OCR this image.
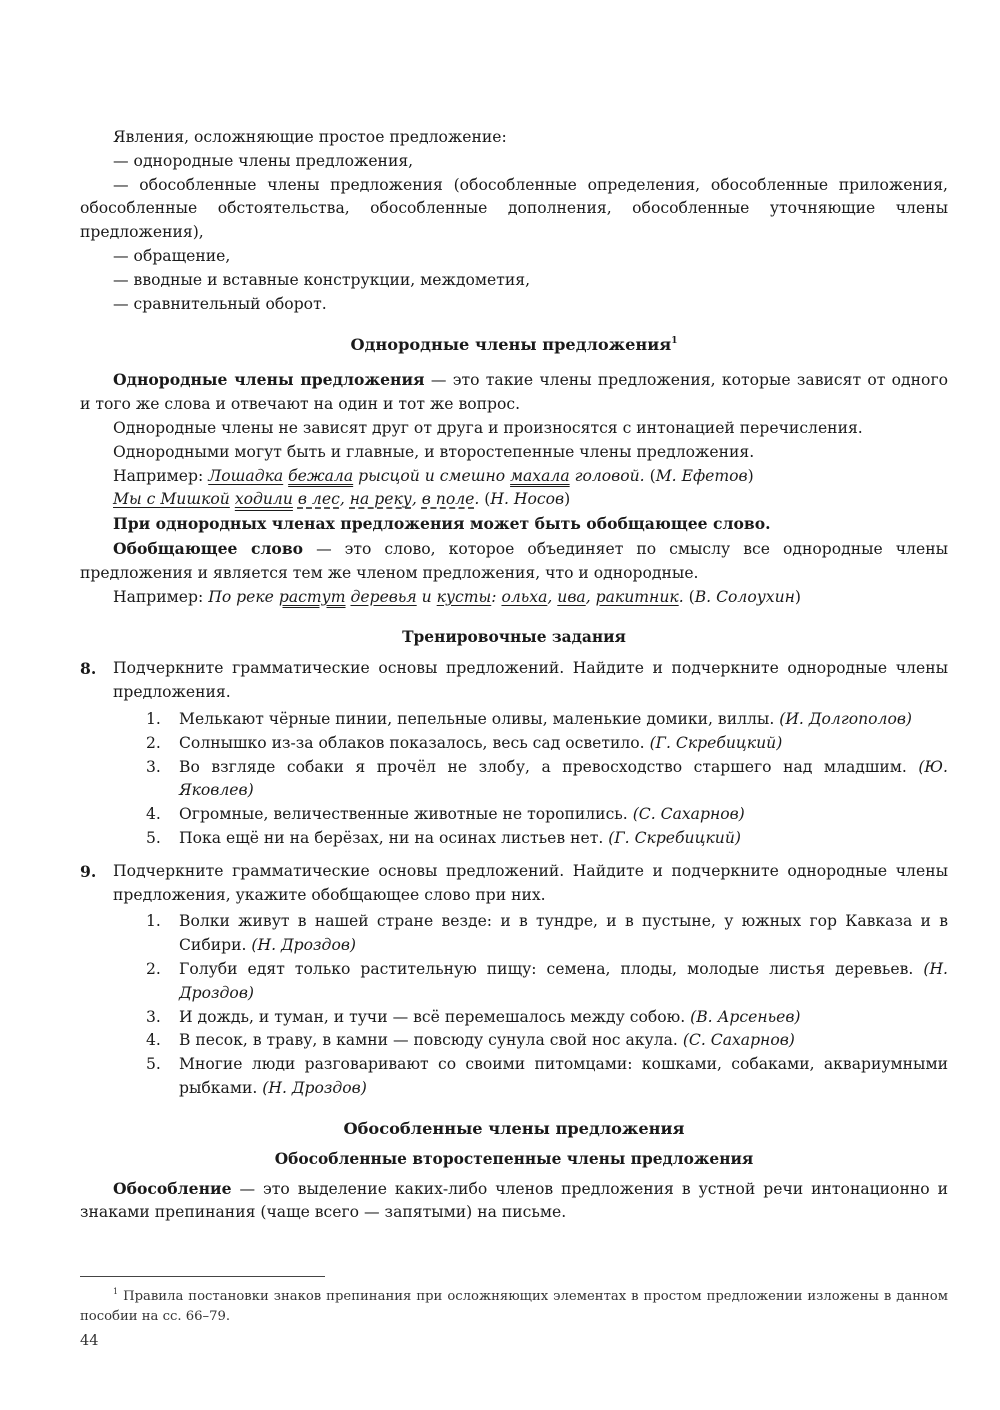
Явления, осложняющие простое предложение:

— однородные члены предложения,

— обособленные члены предложения (обособленные определения, обособленные приложения, обособленные обстоятельства, обособленные дополнения, обособленные уточняющие члены предложения),

— обращение,

— вводные и вставные конструкции, междометия,

— сравнительный оборот.

Однородные члены предложения$^1$

Однородные члены предложения — это такие члены предложения, которые зависят от одного и того же слова и отвечают на один и тот же вопрос.

Однородные члены не зависят друг от друга и произносятся с интонацией перечисления.

Однородными могут быть и главные, и второстепенные члены предложения.

Например: Лошадка бежала рысцой и смешно махала головой. (М. Ефетов)

Мы с Мишкой ходили в лес, на реку, в поле. (Н. Носов)

При однородных членах предложения может быть обобщающее слово.

Обобщающее слово — это слово, которое объединяет по смыслу все однородные члены предложения и является тем же членом предложения, что и однородные.

Например: По реке растут деревья и кусты: ольха, ива, ракитник. (В. Солоухин)

Тренировочные задания
8. Подчеркните грамматические основы предложений. Найдите и подчеркните однородные члены предложения.

1. Мелькают чёрные пинии, пепельные оливы, маленькие домики, виллы. (И. Долгополов)
2. Солнышко из-за облаков показалось, весь сад осветило. (Г. Скребицкий)
3. Во взгляде собаки я прочёл не злобу, а превосходство старшего над младшим. (Ю. Яковлев)
4. Огромные, величественные животные не торопились. (С. Сахарнов)
5. Пока ещё ни на берёзах, ни на осинах листьев нет. (Г. Скребицкий)
9. Подчеркните грамматические основы предложений. Найдите и подчеркните однородные члены предложения, укажите обобщающее слово при них.

1. Волки живут в нашей стране везде: и в тундре, и в пустыне, у южных гор Кавказа и в Сибири. (Н. Дроздов)
2. Голуби едят только растительную пищу: семена, плоды, молодые листья деревьев. (Н. Дроздов)
3. И дождь, и туман, и тучи — всё перемешалось между собою. (В. Арсеньев)
4. В песок, в траву, в камни — повсюду сунула свой нос акула. (С. Сахарнов)
5. Многие люди разговаривают со своими питомцами: кошками, собаками, аквариумными рыбками. (Н. Дроздов)
Обособленные члены предложения
Обособленные второстепенные члены предложения

Обособление — это выделение каких-либо членов предложения в устной речи интонационно и знаками препинания (чаще всего — запятыми) на письме.

$^1$ Правила постановки знаков препинания при осложняющих элементах в простом предложении изложены в данном пособии на сс. 66–79.

44
